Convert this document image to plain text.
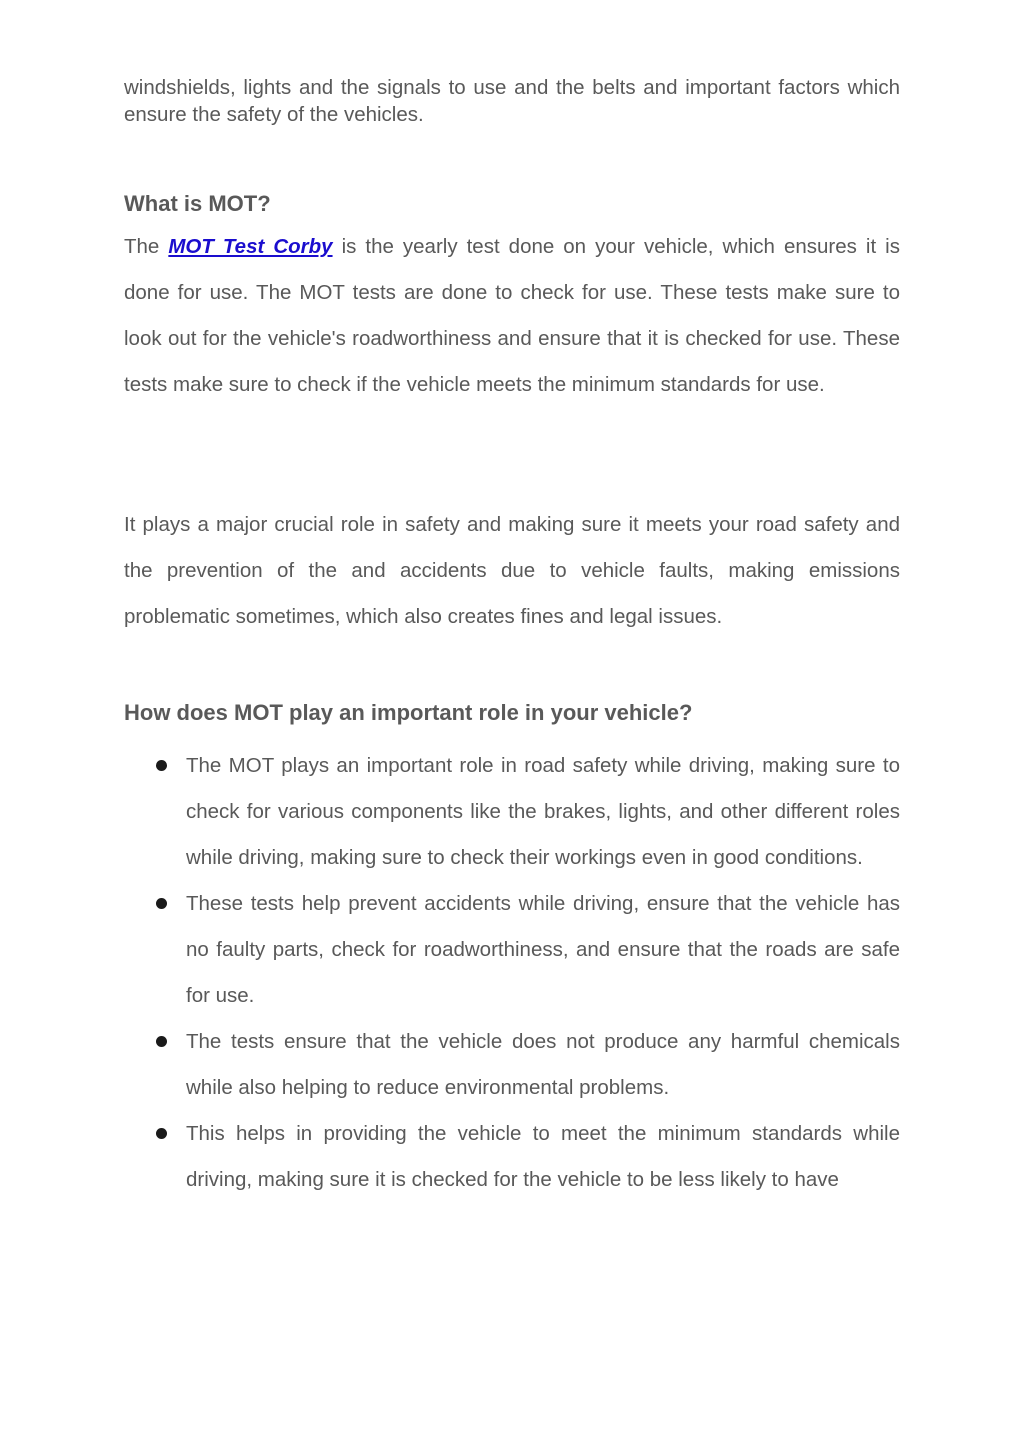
windshields, lights and the signals to use and the belts and important factors which ensure the safety of the vehicles.

What is MOT?

The MOT Test Corby is the yearly test done on your vehicle, which ensures it is done for use. The MOT tests are done to check for use. These tests make sure to look out for the vehicle's roadworthiness and ensure that it is checked for use. These tests make sure to check if the vehicle meets the minimum standards for use.

It plays a major crucial role in safety and making sure it meets your road safety and the prevention of the and accidents due to vehicle faults, making emissions problematic sometimes, which also creates fines and legal issues.

How does MOT play an important role in your vehicle?
The MOT plays an important role in road safety while driving, making sure to check for various components like the brakes, lights, and other different roles while driving, making sure to check their workings even in good conditions.
These tests help prevent accidents while driving, ensure that the vehicle has no faulty parts, check for roadworthiness, and ensure that the roads are safe for use.
The tests ensure that the vehicle does not produce any harmful chemicals while also helping to reduce environmental problems.
This helps in providing the vehicle to meet the minimum standards while driving, making sure it is checked for the vehicle to be less likely to have
